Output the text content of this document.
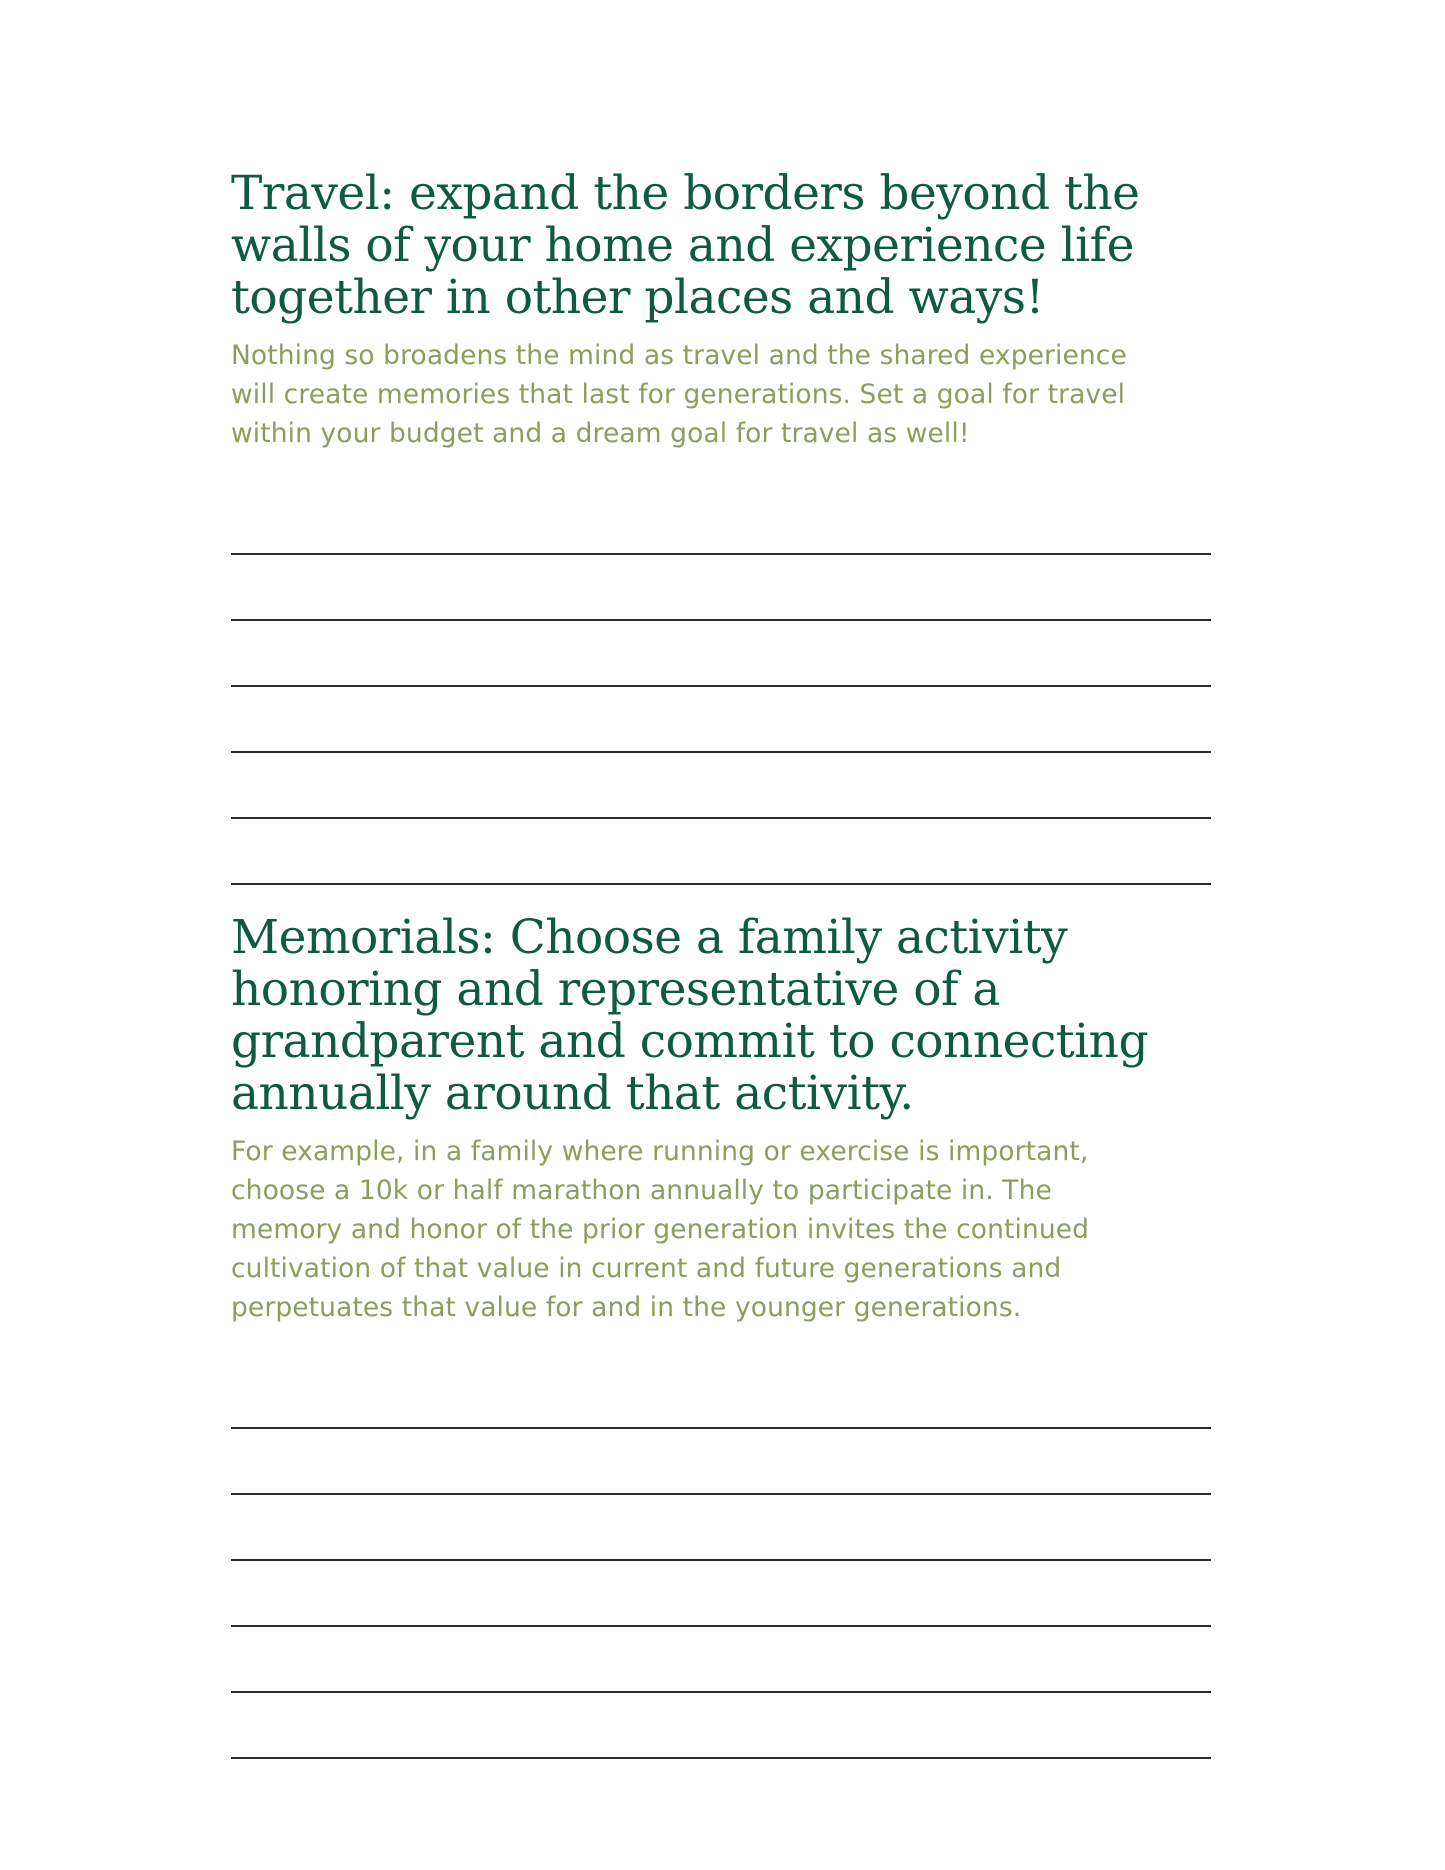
Travel: expand the borders beyond the
walls of your home and experience life
together in other places and ways!

Nothing so broadens the mind as travel and the shared experience
will create memories that last for generations. Set a goal for travel
within your budget and a dream goal for travel as well!

Memorials: Choose a family activity
honoring and representative of a
grandparent and commit to connecting
annually around that activity.

For example, in a family where running or exercise is important,
choose a 10k or half marathon annually to participate in. The
memory and honor of the prior generation invites the continued
cultivation of that value in current and future generations and
perpetuates that value for and in the younger generations.
